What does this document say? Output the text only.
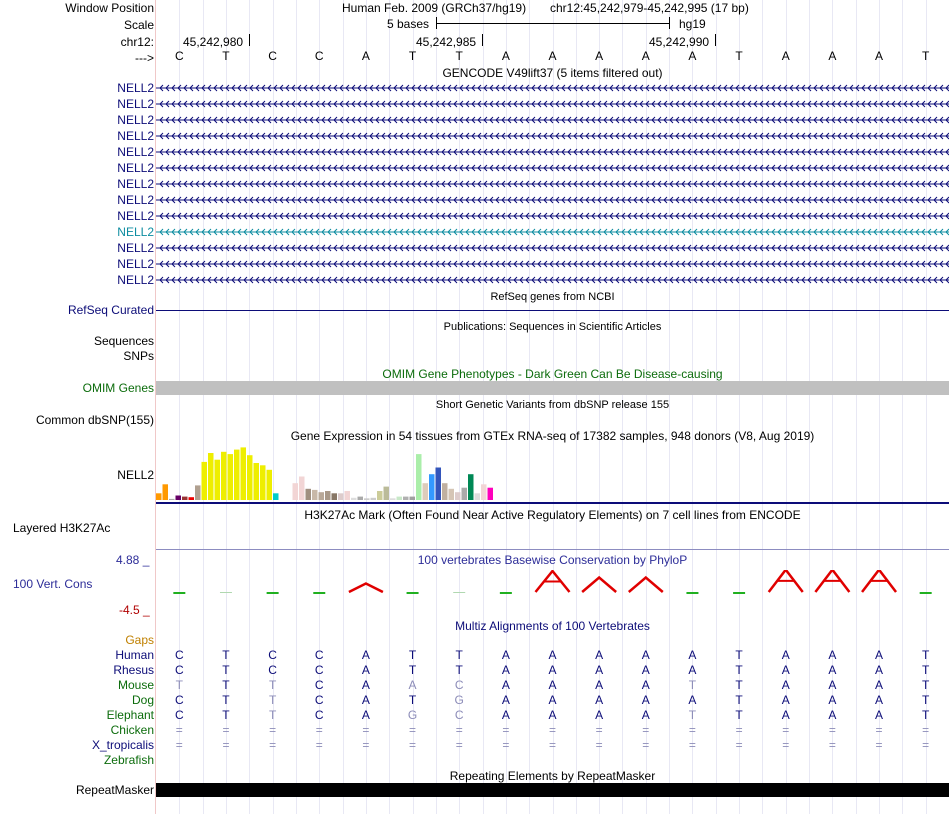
Window Position	Human Feb. 2009 (GRCh37/hg19) chr12:45,242,979-45,242,995 (17 bp)
Scale	5 bases	hg19
chr12: 45,242,980	45,242,985	45,242,990
--->
GENCODE V49lift37 (5 items filtered out)
RefSeq genes from NCBI
RefSeq Curated
Publications: Sequences in Scientific Articles
Sequences
SNPs
OMIM Gene Phenotypes - Dark Green Can Be Disease-causing
OMIM Genes
Short Genetic Variants from dbSNP release 155
Common dbSNP(155)
Gene Expression in 54 tissues from GTEx RNA-seq of 17382 samples, 948 donors (V8, Aug 2019)
NELL2
H3K27Ac Mark (Often Found Near Active Regulatory Elements) on 7 cell lines from ENCODE
Layered H3K27Ac
100 vertebrates Basewise Conservation by PhyloP
4.88 _
100 Vert. Cons
-4.5 _
Multiz Alignments of 100 Vertebrates
Gaps
Repeating Elements by RepeatMasker
RepeatMasker
C	T	C	C	A	T	T	A	A	A	A	A	T	A	A	A	T
NELL2
NELL2
NELL2
NELL2
NELL2
NELL2
NELL2
NELL2
NELL2
NELL2
NELL2
NELL2
NELL2
Human	C	T	C	C	A	T	T	A	A	A	A	A	T	A	A	A	T
Rhesus	C	T	C	C	A	T	T	A	A	A	A	A	T	A	A	A	T
Mouse	T	T	T	C	A	A	C	A	A	A	A	T	T	A	A	A	T
Dog	C	T	T	C	A	T	G	A	A	A	A	A	T	A	A	A	T
Elephant	C	T	T	C	A	G	C	A	A	A	A	T	T	A	A	A	T
Chicken	=	=	=	=	=	=	=	=	=	=	=	=	=	=	=	=	=
X_tropicalis	=	=	=	=	=	=	=	=	=	=	=	=	=	=	=	=	=
Zebrafish
